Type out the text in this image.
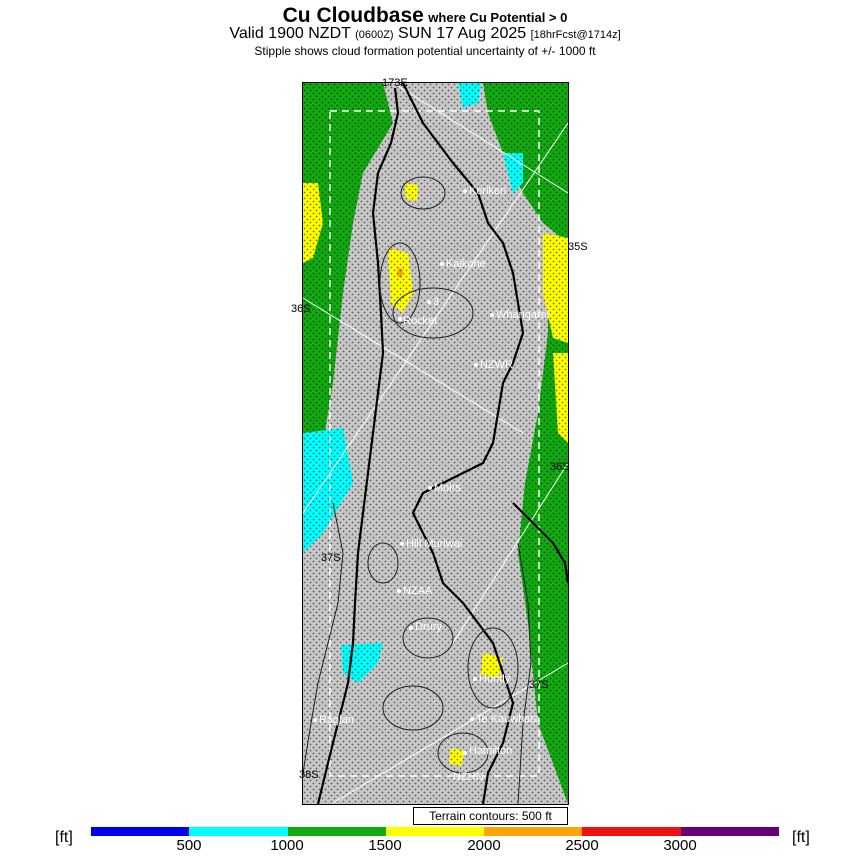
Cu Cloudbase where Cu Potential > 0
Valid 1900 NZDT (0600Z) SUN 17 Aug 2025 [18hrFcst@1714z]
Stipple shows cloud formation potential uncertainty of +/- 1000 ft
173E
35S
36S
36S
37S
37S
38S
Kerikeri
Kaikohe
3
Rocket	Whangarei
NZWR
Moirs
Hill Muriwai
NZAA
Drury
Huntly
Te Kauwhata
Raglan
Hamilton
NZHN
Terrain contours: 500 ft
[ft]	[ft]
500	1000	1500	2000	2500	3000
